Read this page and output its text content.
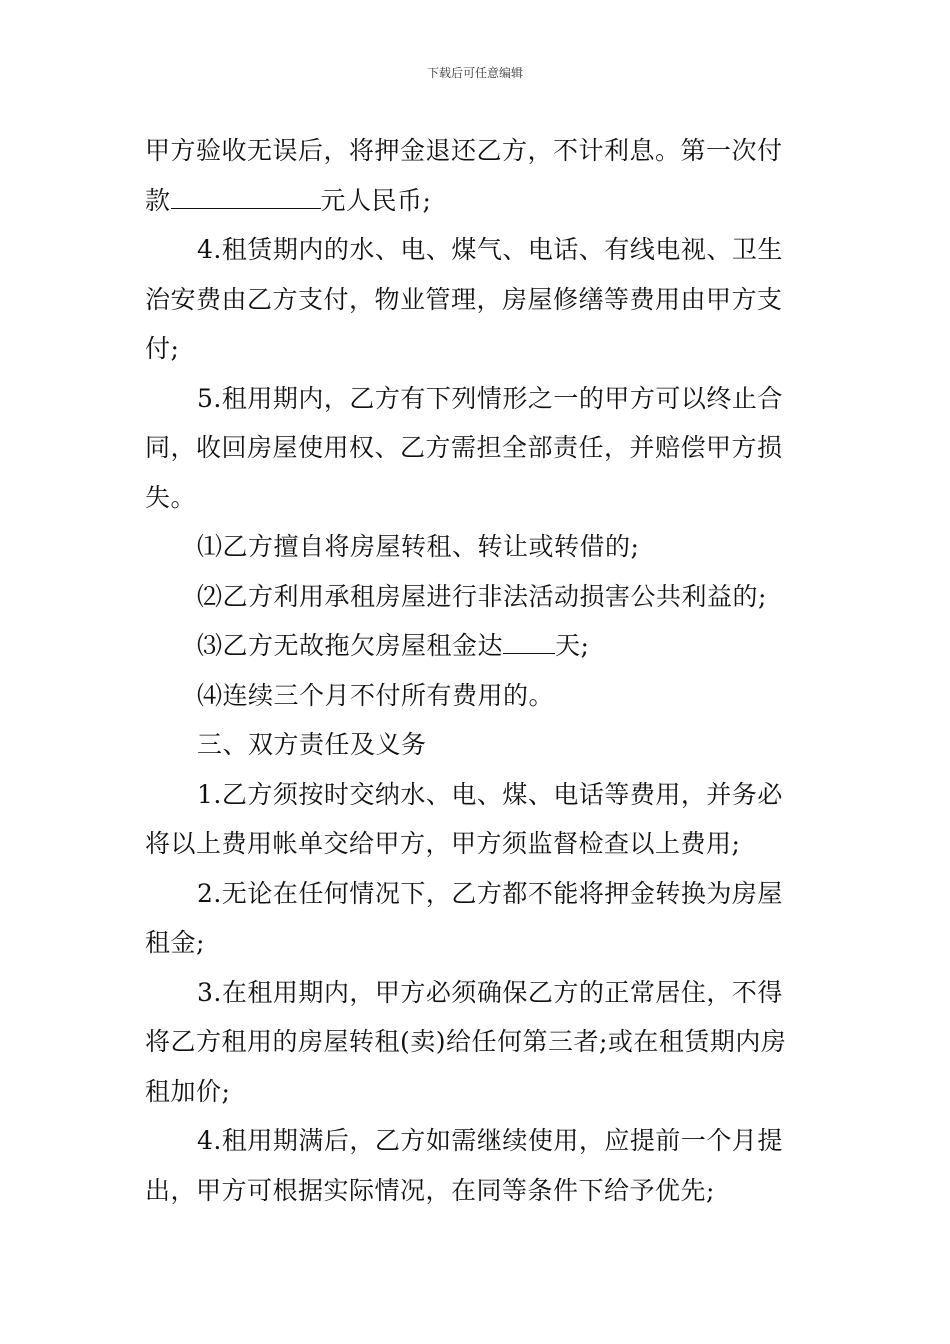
下载后可任意编辑
甲方验收无误后，将押金退还乙方，不计利息。第一次付
款	元人民币;
4.租赁期内的水、电、煤气、电话、有线电视、卫生
治安费由乙方支付，物业管理，房屋修缮等费用由甲方支
付;
5.租用期内，乙方有下列情形之一的甲方可以终止合
同，收回房屋使用权、乙方需担全部责任，并赔偿甲方损
失。
⑴乙方擅自将房屋转租、转让或转借的;
⑵乙方利用承租房屋进行非法活动损害公共利益的;
⑶乙方无故拖欠房屋租金达 天;
⑷连续三个月不付所有费用的。
三、双方责任及义务
1.乙方须按时交纳水、电、煤、电话等费用，并务必
将以上费用帐单交给甲方，甲方须监督检查以上费用;
2.无论在任何情况下，乙方都不能将押金转换为房屋
租金;
3.在租用期内，甲方必须确保乙方的正常居住，不得
将乙方租用的房屋转租(卖)给任何第三者;或在租赁期内房
租加价;
4.租用期满后，乙方如需继续使用，应提前一个月提
出，甲方可根据实际情况，在同等条件下给予优先;
